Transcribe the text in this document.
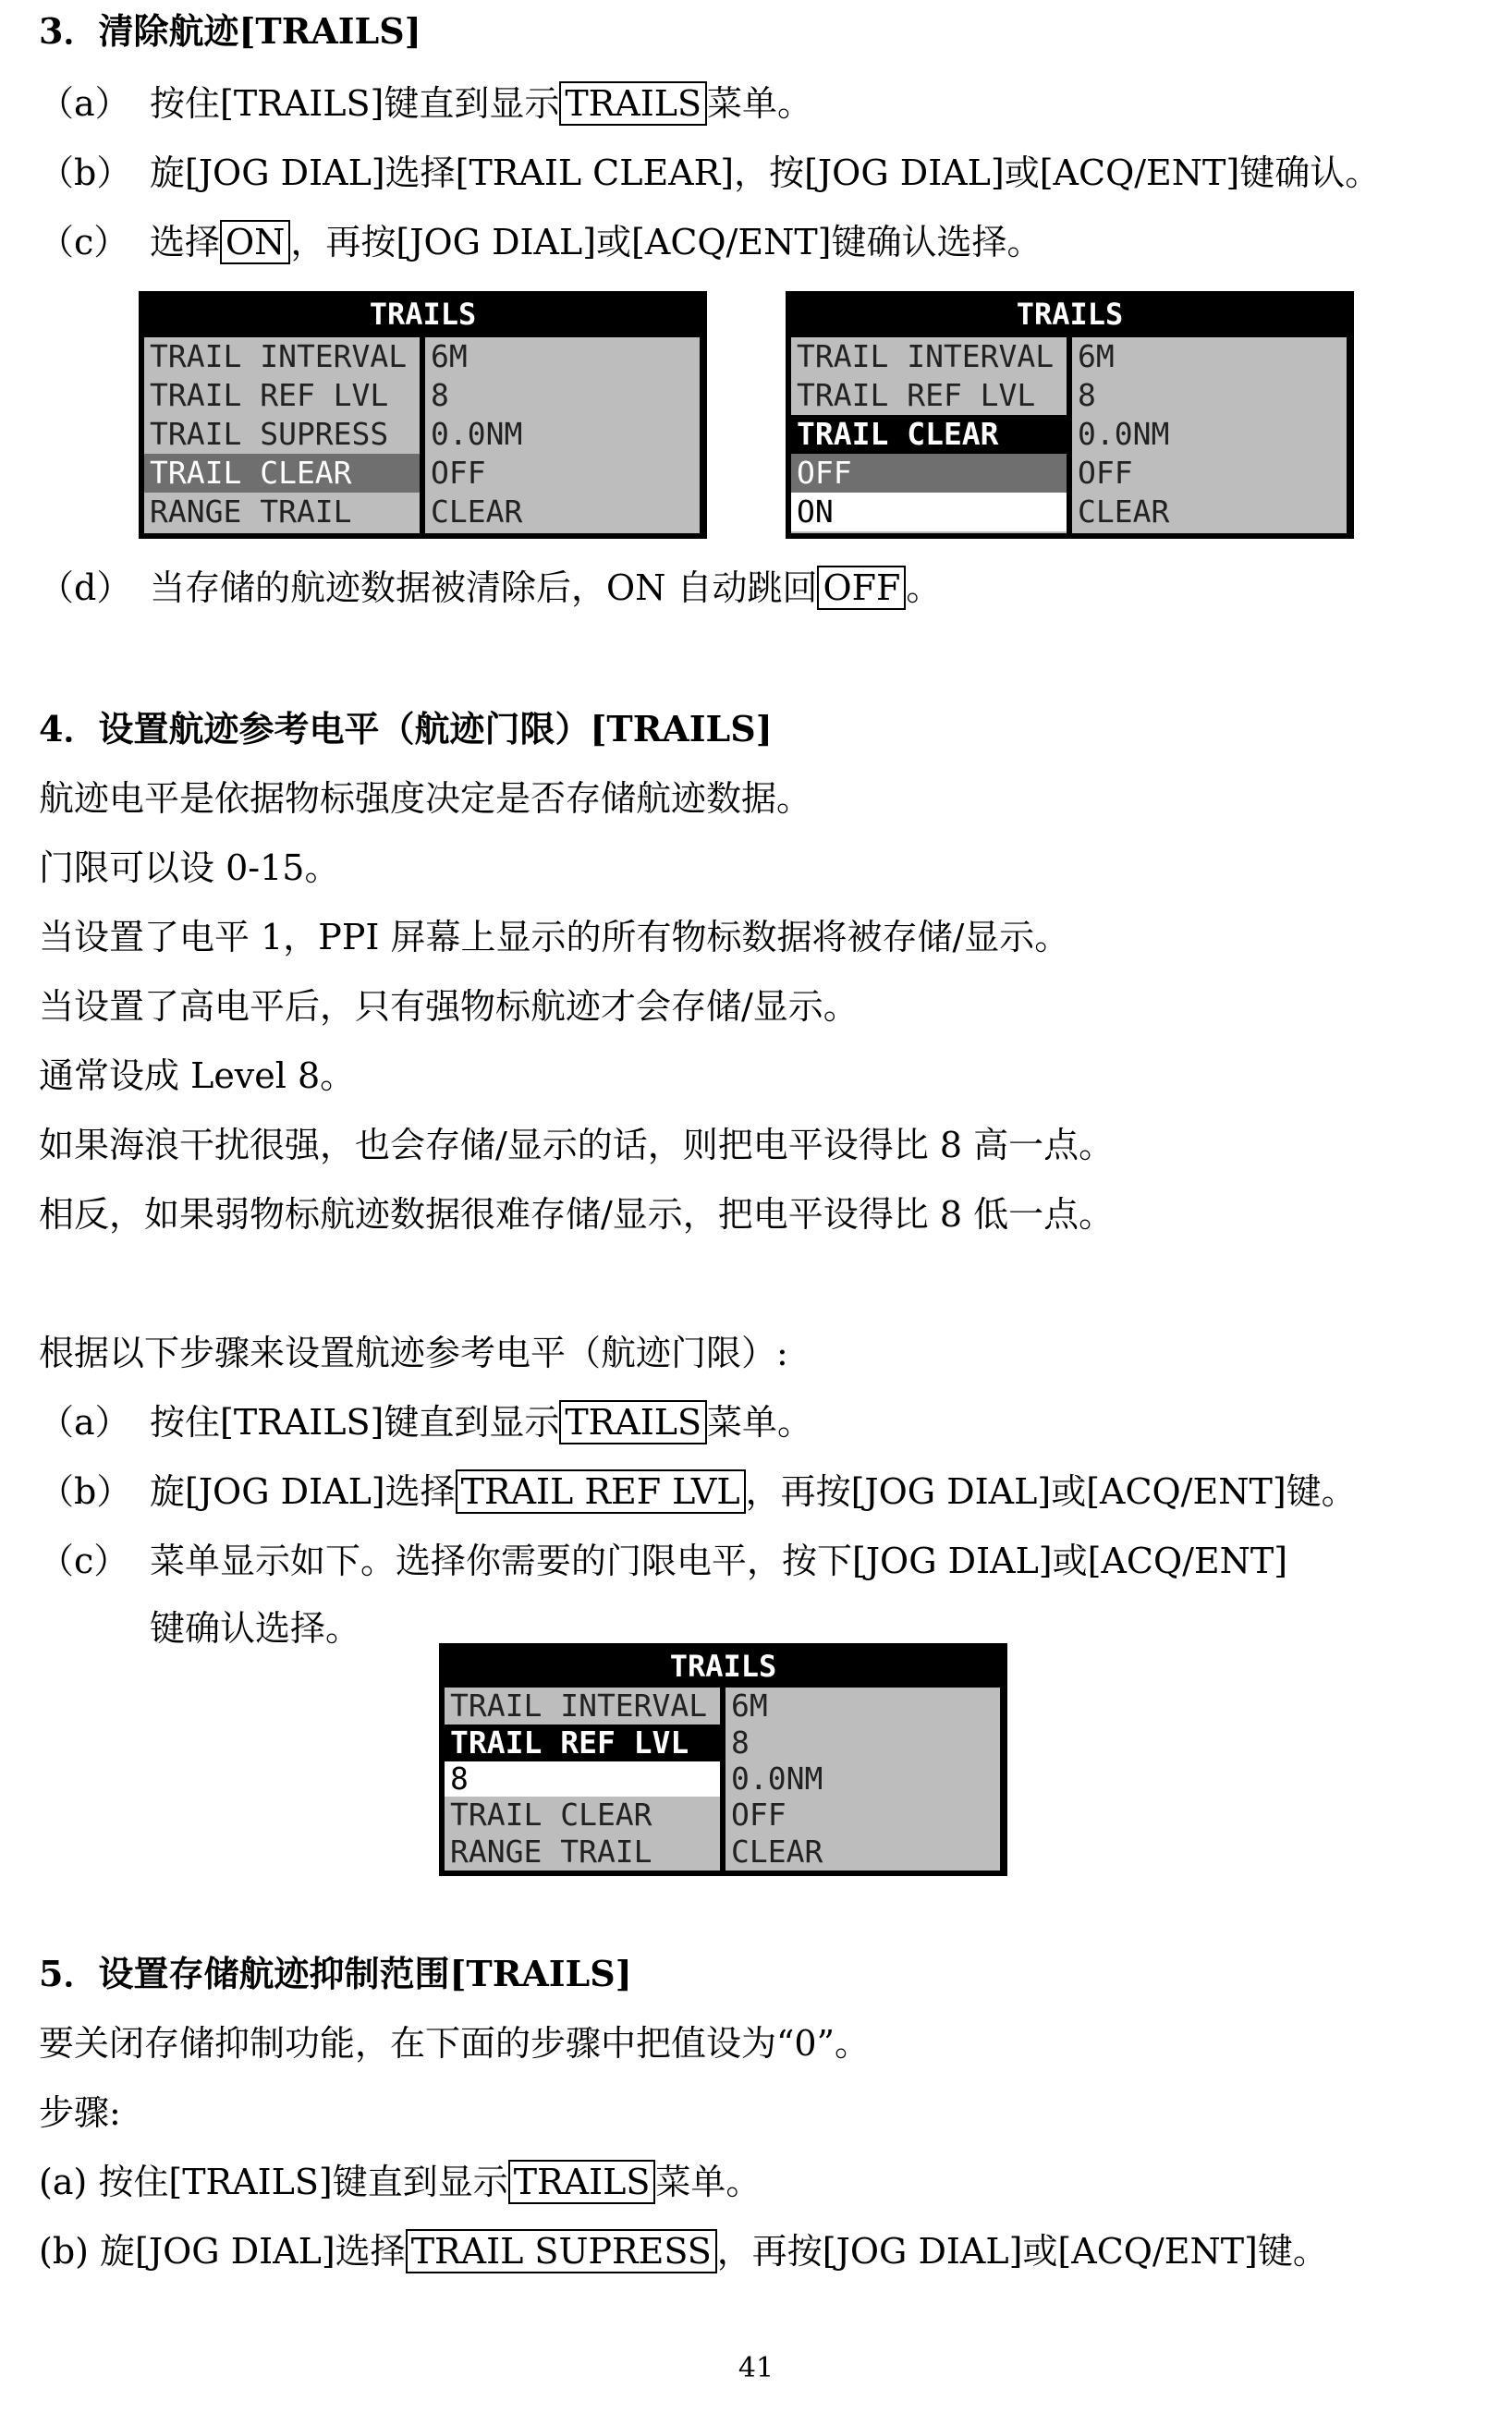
3．清除航迹[TRAILS]
（a） 按住[TRAILS]键直到显示 TRAILS 菜单。
（b） 旋[JOG DIAL]选择[TRAIL CLEAR]，按[JOG DIAL]或[ACQ/ENT]键确认。
（c） 选择 ON ，再按[JOG DIAL]或[ACQ/ENT]键确认选择。
TRAILS
TRAIL INTERVAL
TRAIL REF LVL
TRAIL SUPRESS
TRAIL CLEAR
RANGE TRAIL
6M
8
0.0NM
OFF
CLEAR
TRAILS
TRAIL INTERVAL
TRAIL REF LVL
TRAIL CLEAR
OFF
ON
6M
8
0.0NM
OFF
CLEAR
（d） 当存储的航迹数据被清除后，ON 自动跳回 OFF 。
4．设置航迹参考电平（航迹门限）[TRAILS]
航迹电平是依据物标强度决定是否存储航迹数据。
门限可以设 0-15。
当设置了电平 1，PPI 屏幕上显示的所有物标数据将被存储/显示。
当设置了高电平后，只有强物标航迹才会存储/显示。
通常设成 Level 8。
如果海浪干扰很强，也会存储/显示的话，则把电平设得比 8 高一点。
相反，如果弱物标航迹数据很难存储/显示，把电平设得比 8 低一点。
根据以下步骤来设置航迹参考电平（航迹门限）:
（a） 按住[TRAILS]键直到显示 TRAILS 菜单。
（b） 旋[JOG DIAL]选择 TRAIL REF LVL ，再按[JOG DIAL]或[ACQ/ENT]键。
（c） 菜单显示如下。选择你需要的门限电平，按下[JOG DIAL]或[ACQ/ENT]
键确认选择。
TRAILS
TRAIL INTERVAL
TRAIL REF LVL
8
TRAIL CLEAR
RANGE TRAIL
6M
8
0.0NM
OFF
CLEAR
5．设置存储航迹抑制范围[TRAILS]
要关闭存储抑制功能，在下面的步骤中把值设为“0”。
步骤:
(a) 按住[TRAILS]键直到显示 TRAILS 菜单。
(b) 旋[JOG DIAL]选择 TRAIL SUPRESS ，再按[JOG DIAL]或[ACQ/ENT]键。
41
